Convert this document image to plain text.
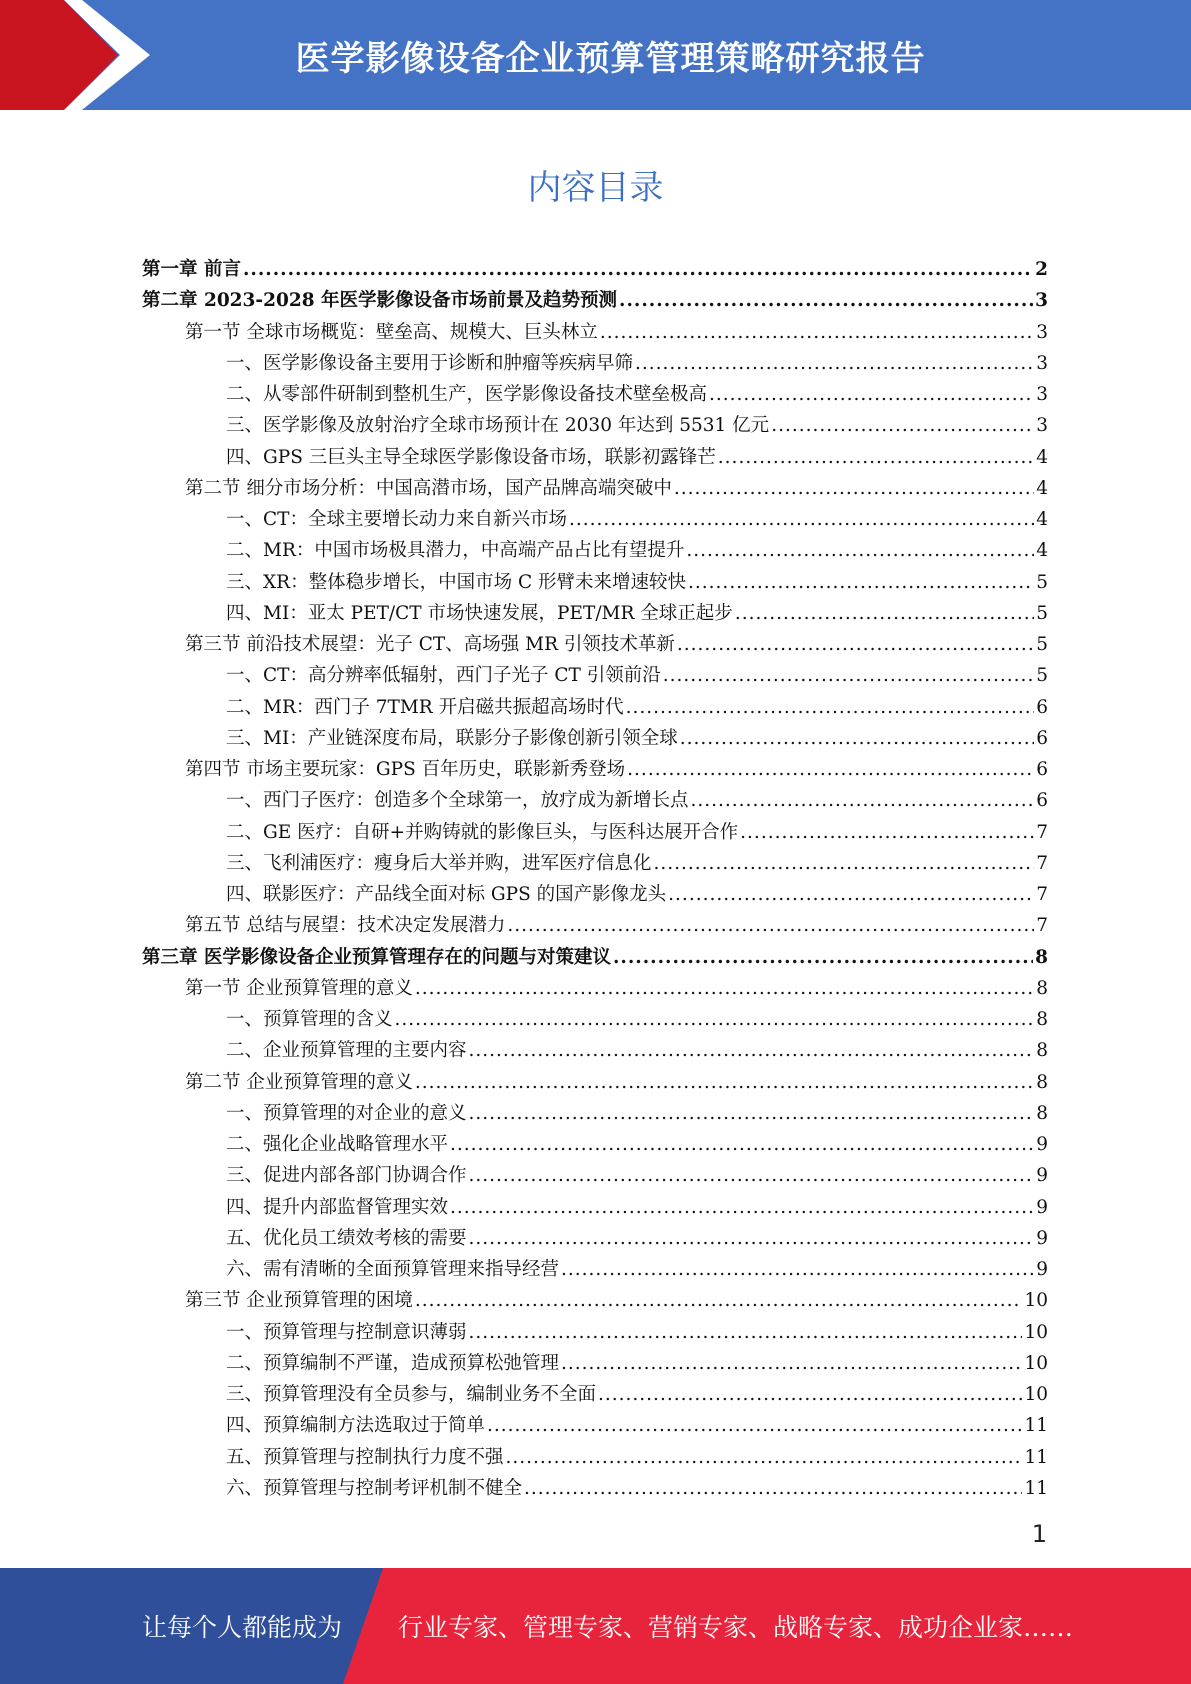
医学影像设备企业预算管理策略研究报告
内容目录
第一章 前言 .....	2
第二章 2023-2028 年医学影像设备市场前景及趋势预测 .....	3
第一节 全球市场概览：壁垒高、规模大、巨头林立 .....	3
一、医学影像设备主要用于诊断和肿瘤等疾病早筛 .....	3
二、从零部件研制到整机生产，医学影像设备技术壁垒极高 .....	3
三、医学影像及放射治疗全球市场预计在 2030 年达到 5531 亿元 .....	3
四、GPS 三巨头主导全球医学影像设备市场，联影初露锋芒 .....	4
第二节 细分市场分析：中国高潜市场，国产品牌高端突破中 .....	4
一、CT：全球主要增长动力来自新兴市场 .....	4
二、MR：中国市场极具潜力，中高端产品占比有望提升 .....	4
三、XR：整体稳步增长，中国市场 C 形臂未来增速较快 .....	5
四、MI：亚太 PET/CT 市场快速发展，PET/MR 全球正起步 .....	5
第三节 前沿技术展望：光子 CT、高场强 MR 引领技术革新 .....	5
一、CT：高分辨率低辐射，西门子光子 CT 引领前沿 .....	5
二、MR：西门子 7TMR 开启磁共振超高场时代 .....	6
三、MI：产业链深度布局，联影分子影像创新引领全球 .....	6
第四节 市场主要玩家：GPS 百年历史，联影新秀登场 .....	6
一、西门子医疗：创造多个全球第一，放疗成为新增长点 .....	6
二、GE 医疗：自研+并购铸就的影像巨头，与医科达展开合作 .....	7
三、飞利浦医疗：瘦身后大举并购，进军医疗信息化 .....	7
四、联影医疗：产品线全面对标 GPS 的国产影像龙头 .....	7
第五节 总结与展望：技术决定发展潜力 .....	7
第三章 医学影像设备企业预算管理存在的问题与对策建议 .....	8
第一节 企业预算管理的意义 .....	8
一、预算管理的含义 .....	8
二、企业预算管理的主要内容 .....	8
第二节 企业预算管理的意义 .....	8
一、预算管理的对企业的意义 .....	8
二、强化企业战略管理水平 .....	9
三、促进内部各部门协调合作 .....	9
四、提升内部监督管理实效 .....	9
五、优化员工绩效考核的需要 .....	9
六、需有清晰的全面预算管理来指导经营 .....	9
第三节 企业预算管理的困境 .....	10
一、预算管理与控制意识薄弱 .....	10
二、预算编制不严谨，造成预算松弛管理 .....	10
三、预算管理没有全员参与，编制业务不全面 .....	10
四、预算编制方法选取过于简单 .....	11
五、预算管理与控制执行力度不强 .....	11
六、预算管理与控制考评机制不健全 .....	11
1
让每个人都能成为 行业专家、管理专家、营销专家、战略专家、成功企业家……
